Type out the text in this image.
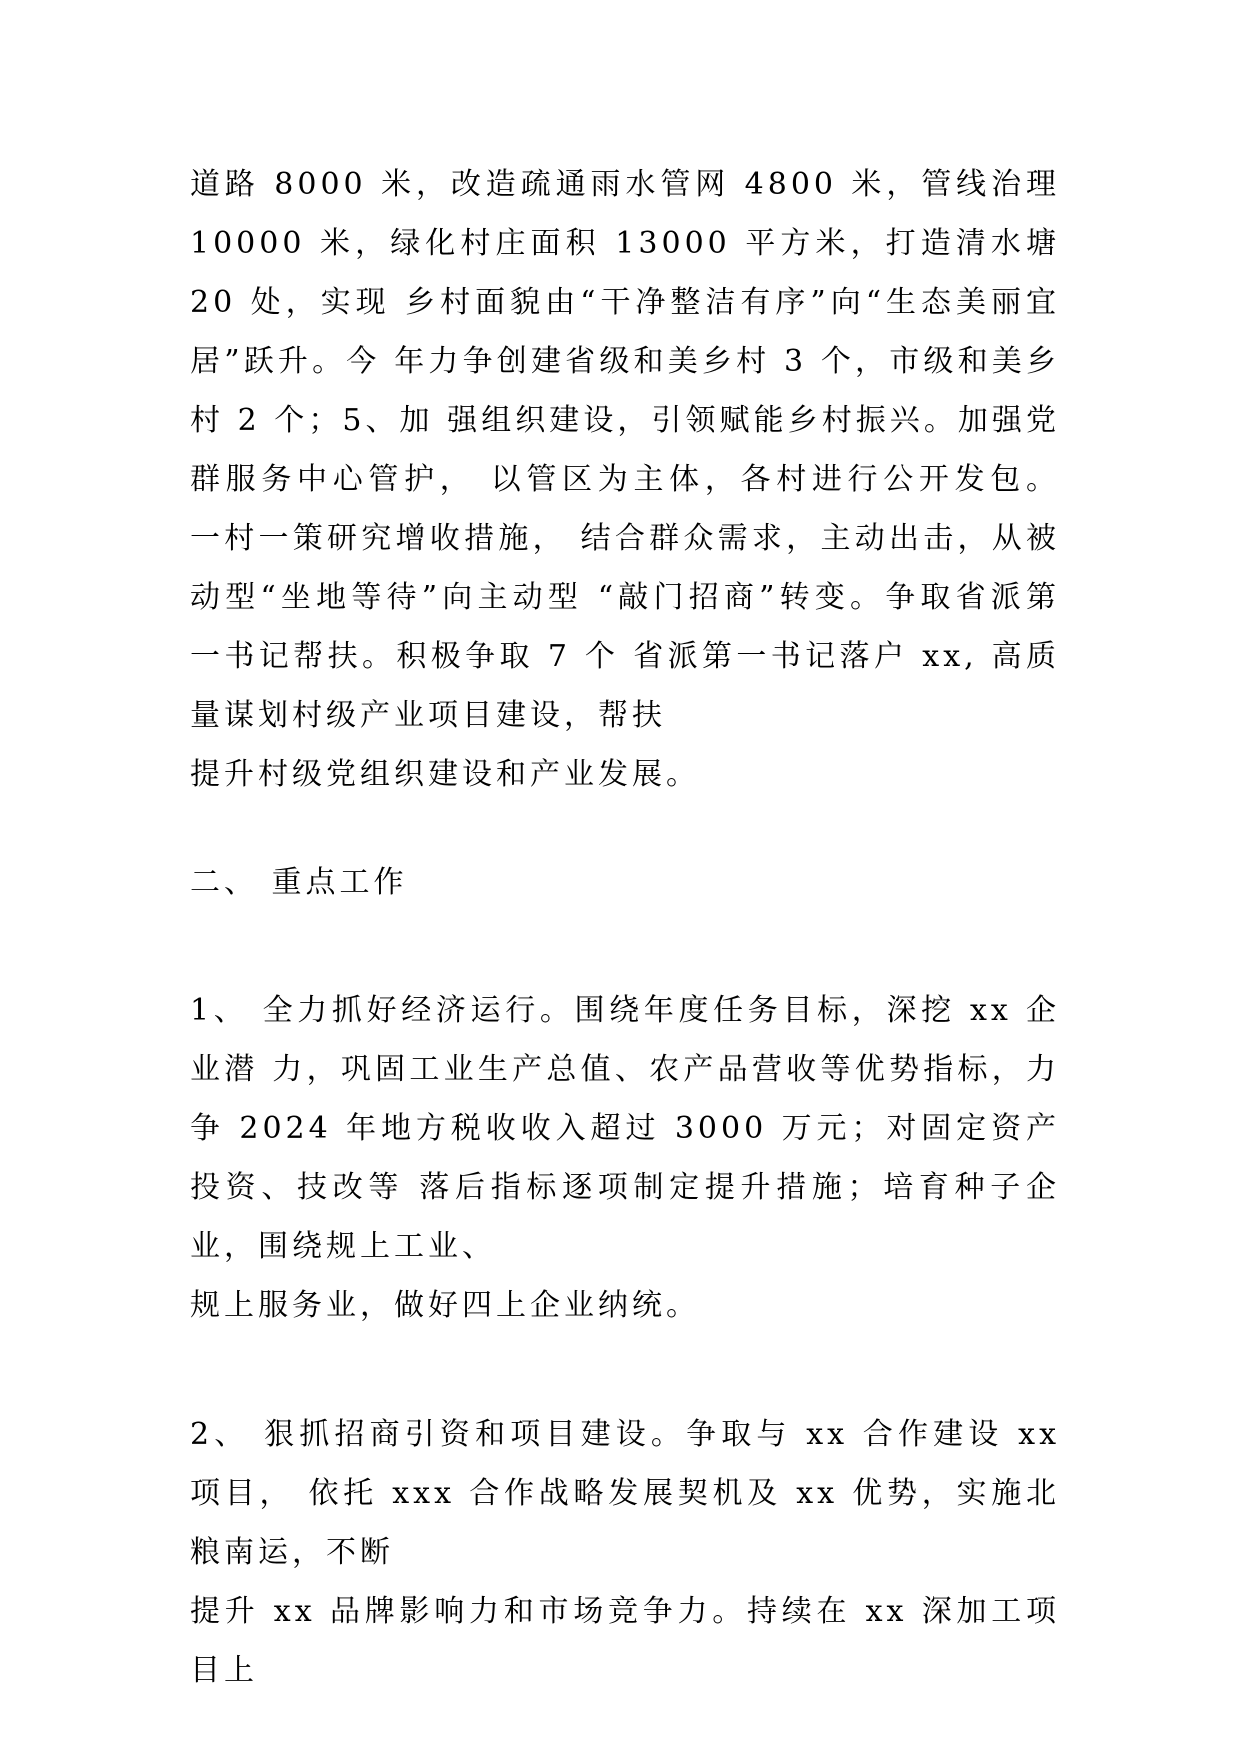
道路 8000 米，改造疏通雨水管网 4800 米，管线治理 10000 米，绿化村庄面积 13000 平方米，打造清水塘 20 处，实现 乡村面貌由“干净整洁有序”向“生态美丽宜居”跃升。今 年力争创建省级和美乡村 3 个，市级和美乡村 2 个；5、加 强组织建设，引领赋能乡村振兴。加强党群服务中心管护， 以管区为主体，各村进行公开发包。 一村一策研究增收措施， 结合群众需求，主动出击，从被动型“坐地等待”向主动型 “敲门招商”转变。争取省派第一书记帮扶。积极争取 7 个 省派第一书记落户 xx, 高质量谋划村级产业项目建设，帮扶

提升村级党组织建设和产业发展。

二、 重点工作

1、 全力抓好经济运行。围绕年度任务目标，深挖 xx 企业潜 力，巩固工业生产总值、农产品营收等优势指标，力争 2024 年地方税收收入超过 3000 万元；对固定资产投资、技改等 落后指标逐项制定提升措施；培育种子企业，围绕规上工业、

规上服务业，做好四上企业纳统。

2、 狠抓招商引资和项目建设。争取与 xx 合作建设 xx 项目， 依托 xxx 合作战略发展契机及 xx 优势，实施北粮南运，不断

提升 xx 品牌影响力和市场竞争力。持续在 xx 深加工项目上
